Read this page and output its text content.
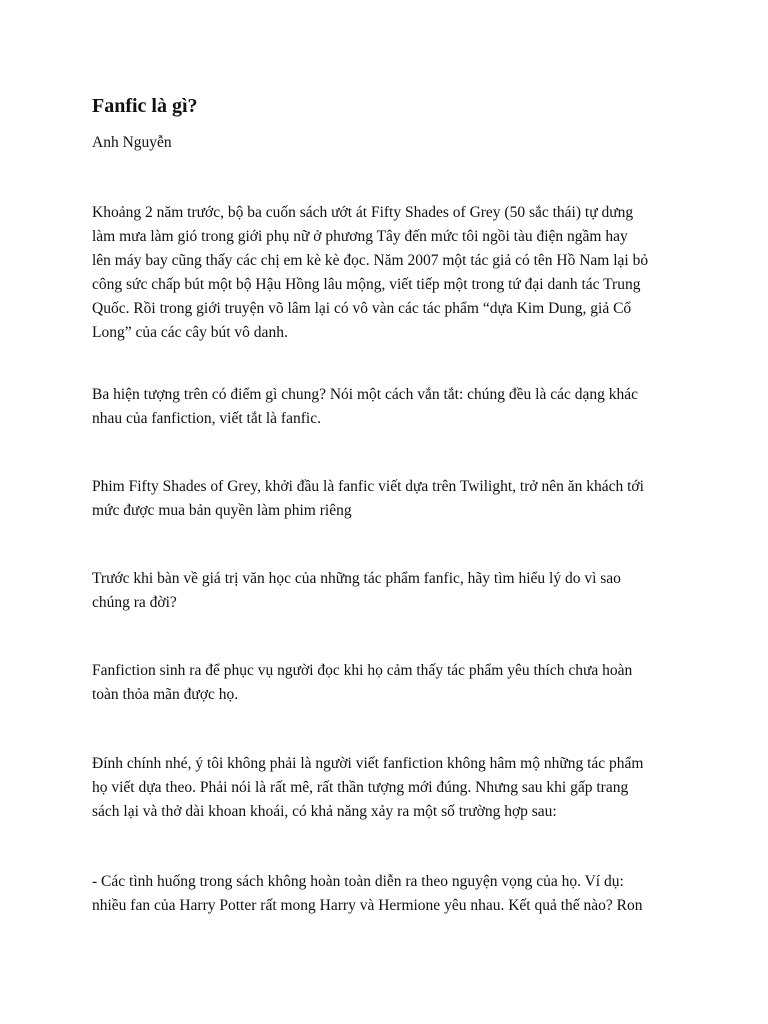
Fanfic là gì?

Anh Nguyễn

Khoảng 2 năm trước, bộ ba cuốn sách ướt át Fifty Shades of Grey (50 sắc thái) tự dưng
làm mưa làm gió trong giới phụ nữ ở phương Tây đến mức tôi ngồi tàu điện ngầm hay
lên máy bay cũng thấy các chị em kè kè đọc. Năm 2007 một tác giả có tên Hồ Nam lại bỏ
công sức chấp bút một bộ Hậu Hồng lâu mộng, viết tiếp một trong tứ đại danh tác Trung
Quốc. Rồi trong giới truyện võ lâm lại có vô vàn các tác phẩm “dựa Kim Dung, giả Cổ
Long” của các cây bút vô danh.

Ba hiện tượng trên có điểm gì chung? Nói một cách vắn tắt: chúng đều là các dạng khác
nhau của fanfiction, viết tắt là fanfic.

Phim Fifty Shades of Grey, khởi đầu là fanfic viết dựa trên Twilight, trở nên ăn khách tới
mức được mua bản quyền làm phim riêng

Trước khi bàn về giá trị văn học của những tác phẩm fanfic, hãy tìm hiểu lý do vì sao
chúng ra đời?

Fanfiction sinh ra để phục vụ người đọc khi họ cảm thấy tác phẩm yêu thích chưa hoàn
toàn thỏa mãn được họ.

Đính chính nhé, ý tôi không phải là người viết fanfiction không hâm mộ những tác phẩm
họ viết dựa theo. Phải nói là rất mê, rất thần tượng mới đúng. Nhưng sau khi gấp trang
sách lại và thở dài khoan khoái, có khả năng xảy ra một số trường hợp sau:

- Các tình huống trong sách không hoàn toàn diễn ra theo nguyện vọng của họ. Ví dụ:
nhiều fan của Harry Potter rất mong Harry và Hermione yêu nhau. Kết quả thế nào? Ron
